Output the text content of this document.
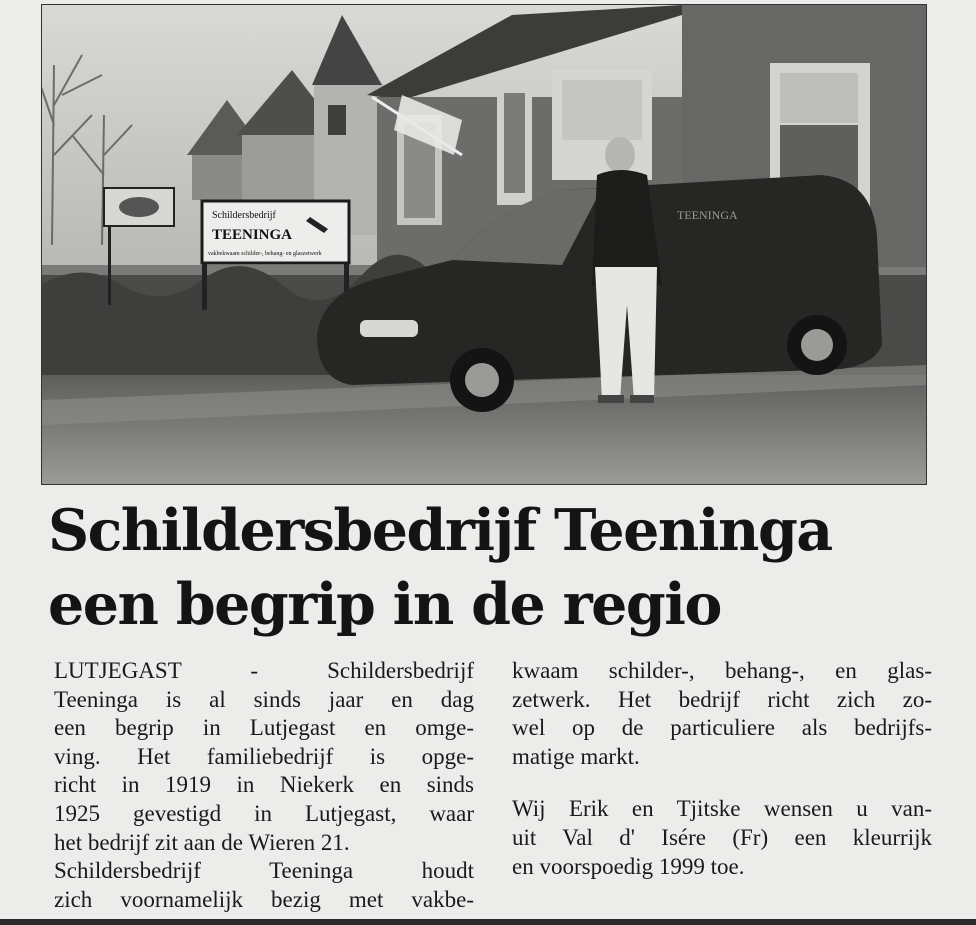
Schildersbedrijf
TEENINGA
vakbekwaam schilder-, behang- en glaszetwerk
TEENINGA
Schildersbedrijf Teeninga
een begrip in de regio
LUTJEGAST - Schildersbedrijf
Teeninga is al sinds jaar en dag
een begrip in Lutjegast en omge-
ving. Het familiebedrijf is opge-
richt in 1919 in Niekerk en sinds
1925 gevestigd in Lutjegast, waar
het bedrijf zit aan de Wieren 21.
Schildersbedrijf Teeninga houdt
zich voornamelijk bezig met vakbe-
kwaam schilder-, behang-, en glas-
zetwerk. Het bedrijf richt zich zo-
wel op de particuliere als bedrijfs-
matige markt.
Wij Erik en Tjitske wensen u van-
uit Val d' Isére (Fr) een kleurrijk
en voorspoedig 1999 toe.
